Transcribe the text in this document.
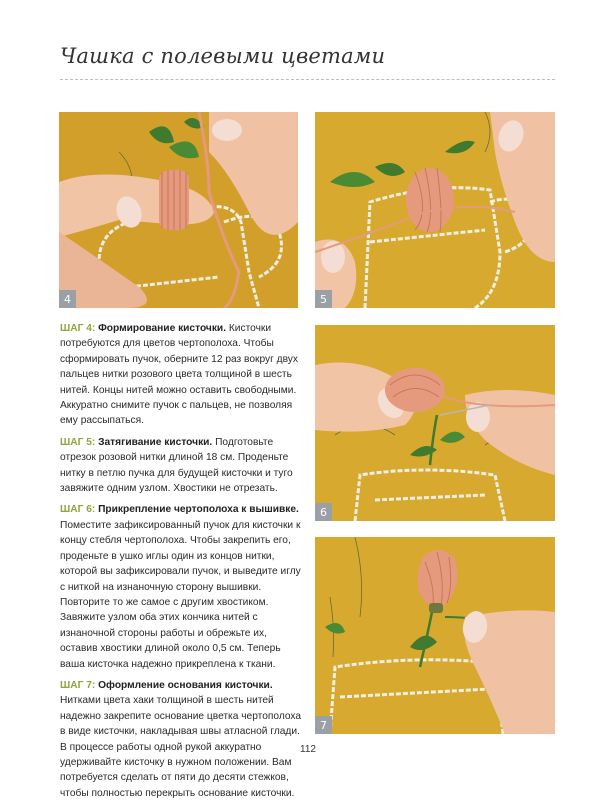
Чашка с полевыми цветами
4	5
6
7

ШАГ 4: Формирование кисточки. Кисточки потребуются для цветов чертополоха. Чтобы сформировать пучок, оберните 12 раз вокруг двух пальцев нитки розового цвета толщиной в шесть нитей. Концы нитей можно оставить свободными. Аккуратно снимите пучок с пальцев, не позволяя ему рассыпаться.

ШАГ 5: Затягивание кисточки. Подготовьте отрезок розовой нитки длиной 18 см. Проденьте нитку в петлю пучка для будущей кисточки и туго завяжите одним узлом. Хвостики не отрезать.

ШАГ 6: Прикрепление чертополоха к вышивке. Поместите зафиксированный пучок для кисточки к концу стебля чертополоха. Чтобы закрепить его, проденьте в ушко иглы один из концов нитки, которой вы зафиксировали пучок, и выведите иглу с ниткой на изнаночную сторону вышивки. Повторите то же самое с другим хвостиком. Завяжите узлом оба этих кончика нитей с изнаночной стороны работы и обрежьте их, оставив хвостики длиной около 0,5 см. Теперь ваша кисточка надежно прикреплена к ткани.

ШАГ 7: Оформление основания кисточки. Нитками цвета хаки толщиной в шесть нитей надежно закрепите основание цветка чертополоха в виде кисточки, накладывая швы атласной глади. В процессе работы одной рукой аккуратно удерживайте кисточку в нужном положении. Вам потребуется сделать от пяти до десяти стежков, чтобы полностью перекрыть основание кисточки.

112
